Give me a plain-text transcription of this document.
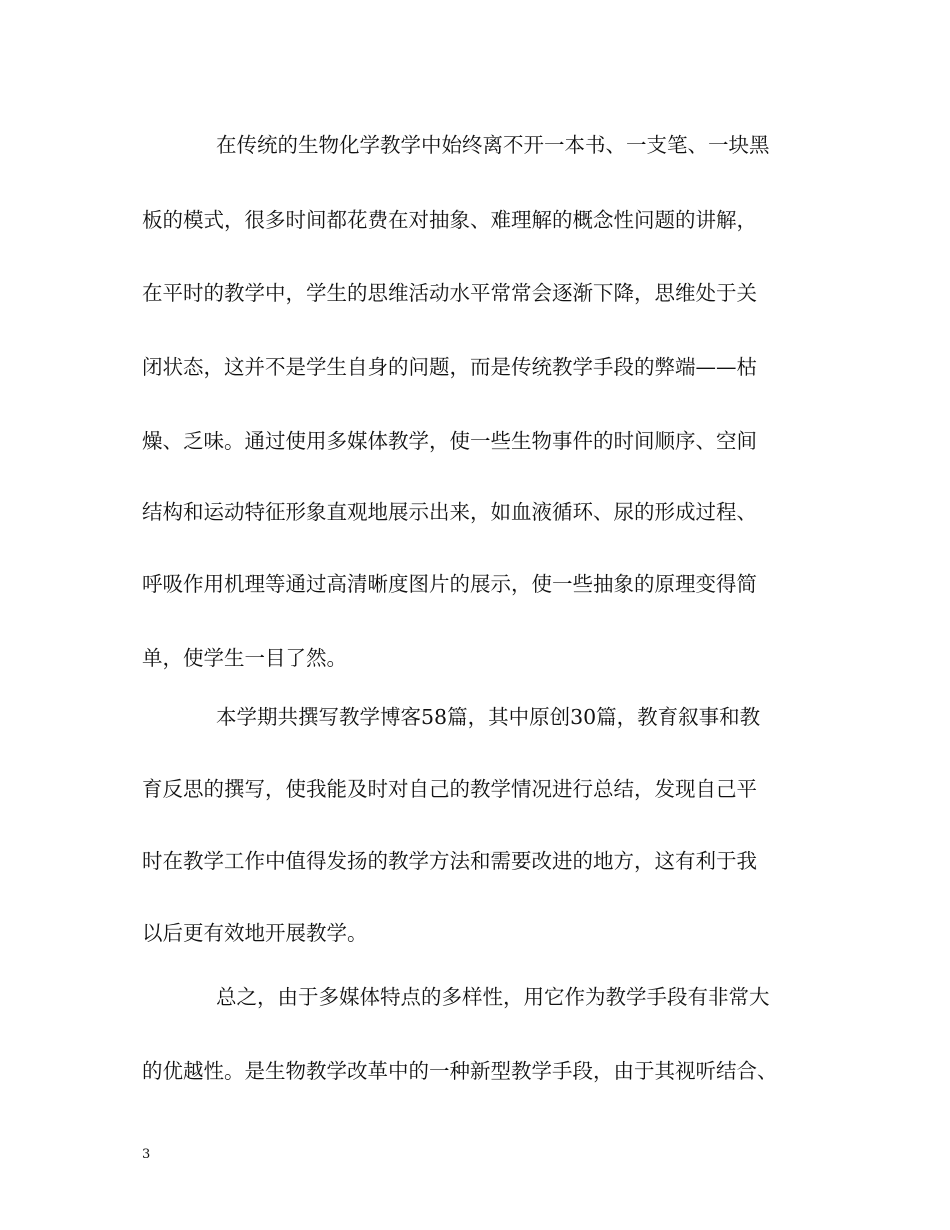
在传统的生物化学教学中始终离不开一本书、一支笔、一块黑
板的模式，很多时间都花费在对抽象、难理解的概念性问题的讲解，
在平时的教学中，学生的思维活动水平常常会逐渐下降，思维处于关
闭状态，这并不是学生自身的问题，而是传统教学手段的弊端——枯
燥、乏味。通过使用多媒体教学，使一些生物事件的时间顺序、空间
结构和运动特征形象直观地展示出来，如血液循环、尿的形成过程、
呼吸作用机理等通过高清晰度图片的展示，使一些抽象的原理变得简
单，使学生一目了然。
本学期共撰写教学博客58篇，其中原创30篇，教育叙事和教
育反思的撰写，使我能及时对自己的教学情况进行总结，发现自己平
时在教学工作中值得发扬的教学方法和需要改进的地方，这有利于我
以后更有效地开展教学。
总之，由于多媒体特点的多样性，用它作为教学手段有非常大
的优越性。是生物教学改革中的一种新型教学手段，由于其视听结合、
3
